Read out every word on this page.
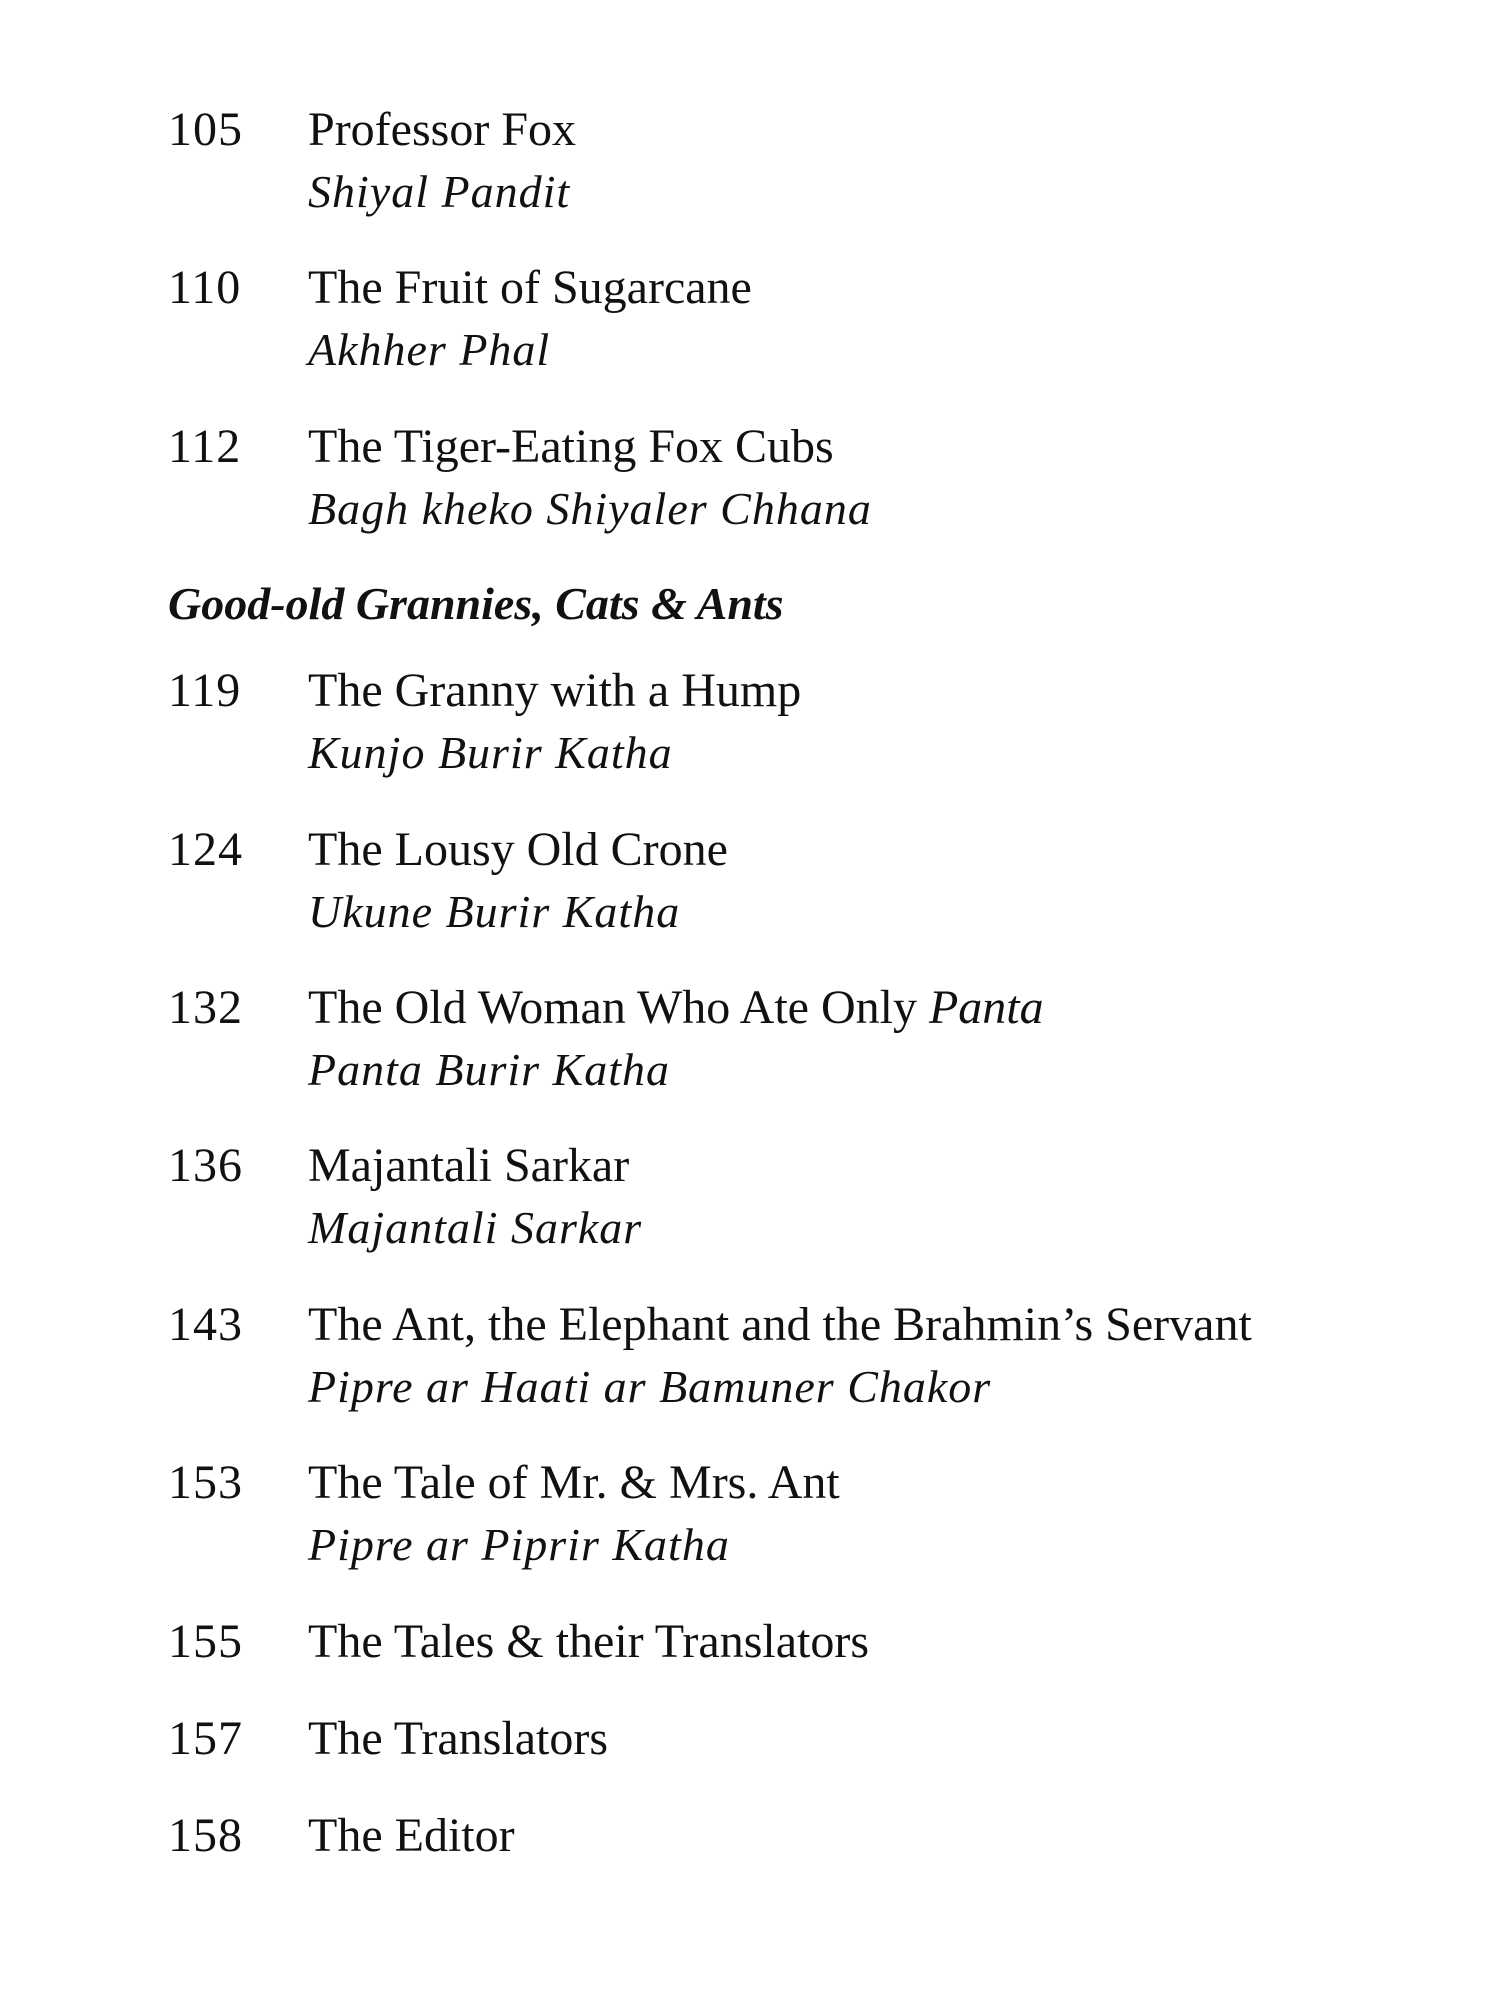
105 Professor Fox
Shiyal Pandit
110 The Fruit of Sugarcane
Akhher Phal
112 The Tiger-Eating Fox Cubs
Bagh kheko Shiyaler Chhana
Good-old Grannies, Cats & Ants
119 The Granny with a Hump
Kunjo Burir Katha
124 The Lousy Old Crone
Ukune Burir Katha
132 The Old Woman Who Ate Only Panta
Panta Burir Katha
136 Majantali Sarkar
Majantali Sarkar
143 The Ant, the Elephant and the Brahmin’s Servant
Pipre ar Haati ar Bamuner Chakor
153 The Tale of Mr. & Mrs. Ant
Pipre ar Piprir Katha
155 The Tales & their Translators
157 The Translators
158 The Editor
